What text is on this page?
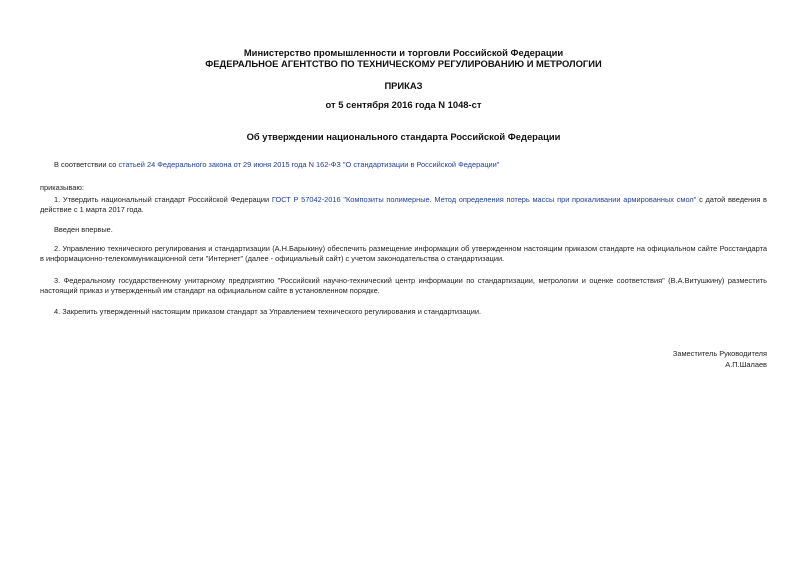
Министерство промышленности и торговли Российской Федерации
ФЕДЕРАЛЬНОЕ АГЕНТСТВО ПО ТЕХНИЧЕСКОМУ РЕГУЛИРОВАНИЮ И МЕТРОЛОГИИ
ПРИКАЗ
от 5 сентября 2016 года N 1048-ст
Об утверждении национального стандарта Российской Федерации
В соответствии со статьей 24 Федерального закона от 29 июня 2015 года N 162-ФЗ "О стандартизации в Российской Федерации"
приказываю:
1. Утвердить национальный стандарт Российской Федерации ГОСТ Р 57042-2016 "Композиты полимерные. Метод определения потерь массы при прокаливании армированных смол" с датой введения в действие с 1 марта 2017 года.
Введен впервые.
2. Управлению технического регулирования и стандартизации (А.Н.Барыкину) обеспечить размещение информации об утвержденном настоящим приказом стандарте на официальном сайте Росстандарта в информационно-телекоммуникационной сети "Интернет" (далее - официальный сайт) с учетом законодательства о стандартизации.
3. Федеральному государственному унитарному предприятию "Российский научно-технический центр информации по стандартизации, метрологии и оценке соответствия" (В.А.Витушкину) разместить настоящий приказ и утвержденный им стандарт на официальном сайте в установленном порядке.
4. Закрепить утвержденный настоящим приказом стандарт за Управлением технического регулирования и стандартизации.
Заместитель Руководителя
А.П.Шалаев
